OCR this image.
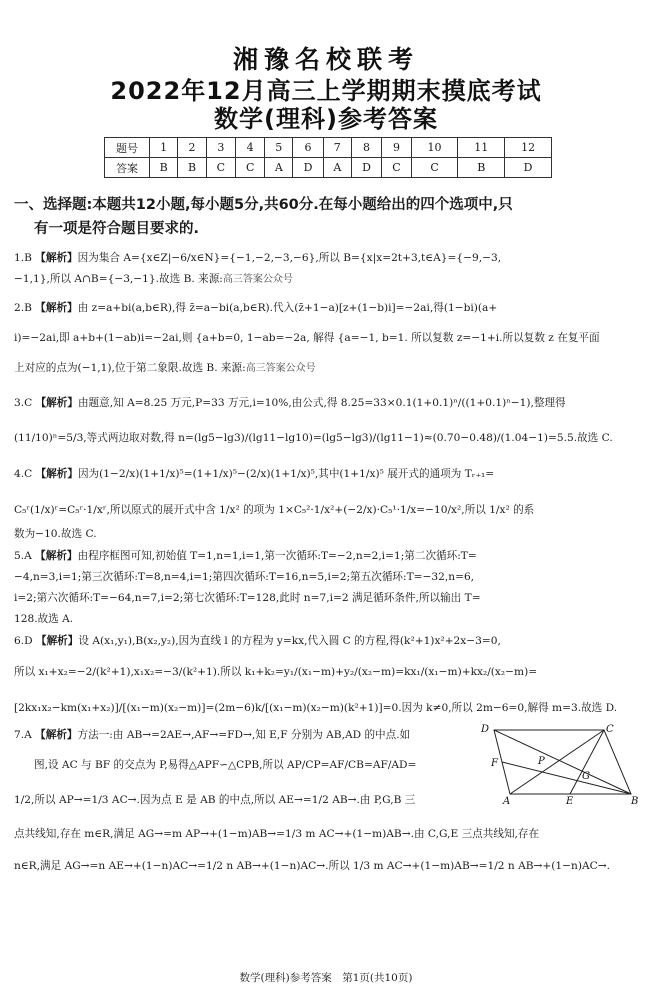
湘豫名校联考
2022年12月高三上学期期末摸底考试
数学(理科)参考答案
题号	1	2	3	4	5	6	7	8	9	10	11	12
答案	B	B	C	C	A	D	A	D	C	C	B	D
一、选择题:本题共12小题,每小题5分,共60分.在每小题给出的四个选项中,只
有一项是符合题目要求的.
1.B 【解析】因为集合 A={x∈Z|−6/x∈N}={−1,−2,−3,−6},所以 B={x|x=2t+3,t∈A}={−9,−3,
−1,1},所以 A∩B={−3,−1}.故选 B. 来源:高三答案公众号
2.B 【解析】由 z=a+bi(a,b∈R),得 z̄=a−bi(a,b∈R).代入(z̄+1−a)[z+(1−b)i]=−2ai,得(1−bi)(a+
i)=−2ai,即 a+b+(1−ab)i=−2ai,则 {a+b=0, 1−ab=−2a, 解得 {a=−1, b=1. 所以复数 z=−1+i.所以复数 z 在复平面
上对应的点为(−1,1),位于第二象限.故选 B. 来源:高三答案公众号
3.C 【解析】由题意,知 A=8.25 万元,P=33 万元,i=10%,由公式,得 8.25=33×0.1(1+0.1)ⁿ/((1+0.1)ⁿ−1),整理得
(11/10)ⁿ=5/3,等式两边取对数,得 n=(lg5−lg3)/(lg11−lg10)=(lg5−lg3)/(lg11−1)≈(0.70−0.48)/(1.04−1)=5.5.故选 C.
4.C 【解析】因为(1−2/x)(1+1/x)⁵=(1+1/x)⁵−(2/x)(1+1/x)⁵,其中(1+1/x)⁵ 展开式的通项为 Tᵣ₊₁=
C₅ʳ(1/x)ʳ=C₅ʳ·1/xʳ,所以原式的展开式中含 1/x² 的项为 1×C₅²·1/x²+(−2/x)·C₅¹·1/x=−10/x²,所以 1/x² 的系
数为−10.故选 C.
5.A 【解析】由程序框图可知,初始值 T=1,n=1,i=1,第一次循环:T=−2,n=2,i=1;第二次循环:T=
−4,n=3,i=1;第三次循环:T=8,n=4,i=1;第四次循环:T=16,n=5,i=2;第五次循环:T=−32,n=6,
i=2;第六次循环:T=−64,n=7,i=2;第七次循环:T=128,此时 n=7,i=2 满足循环条件,所以输出 T=
128.故选 A.
6.D 【解析】设 A(x₁,y₁),B(x₂,y₂),因为直线 l 的方程为 y=kx,代入圆 C 的方程,得(k²+1)x²+2x−3=0,
所以 x₁+x₂=−2/(k²+1),x₁x₂=−3/(k²+1).所以 k₁+k₂=y₁/(x₁−m)+y₂/(x₂−m)=kx₁/(x₁−m)+kx₂/(x₂−m)=
[2kx₁x₂−km(x₁+x₂)]/[(x₁−m)(x₂−m)]=(2m−6)k/[(x₁−m)(x₂−m)(k²+1)]=0.因为 k≠0,所以 2m−6=0,解得 m=3.故选 D.
7.A 【解析】方法一:由 AB→=2AE→,AF→=FD→,知 E,F 分别为 AB,AD 的中点.如
图,设 AC 与 BF 的交点为 P,易得△APF∽△CPB,所以 AP/CP=AF/CB=AF/AD=
1/2,所以 AP→=1/3 AC→.因为点 E 是 AB 的中点,所以 AE→=1/2 AB→.由 P,G,B 三
点共线知,存在 m∈R,满足 AG→=m AP→+(1−m)AB→=1/3 m AC→+(1−m)AB→.由 C,G,E 三点共线知,存在
n∈R,满足 AG→=n AE→+(1−n)AC→=1/2 n AB→+(1−n)AC→.所以 1/3 m AC→+(1−m)AB→=1/2 n AB→+(1−n)AC→.
D	C
F	P
G
A	E	B
数学(理科)参考答案　第1页(共10页)
